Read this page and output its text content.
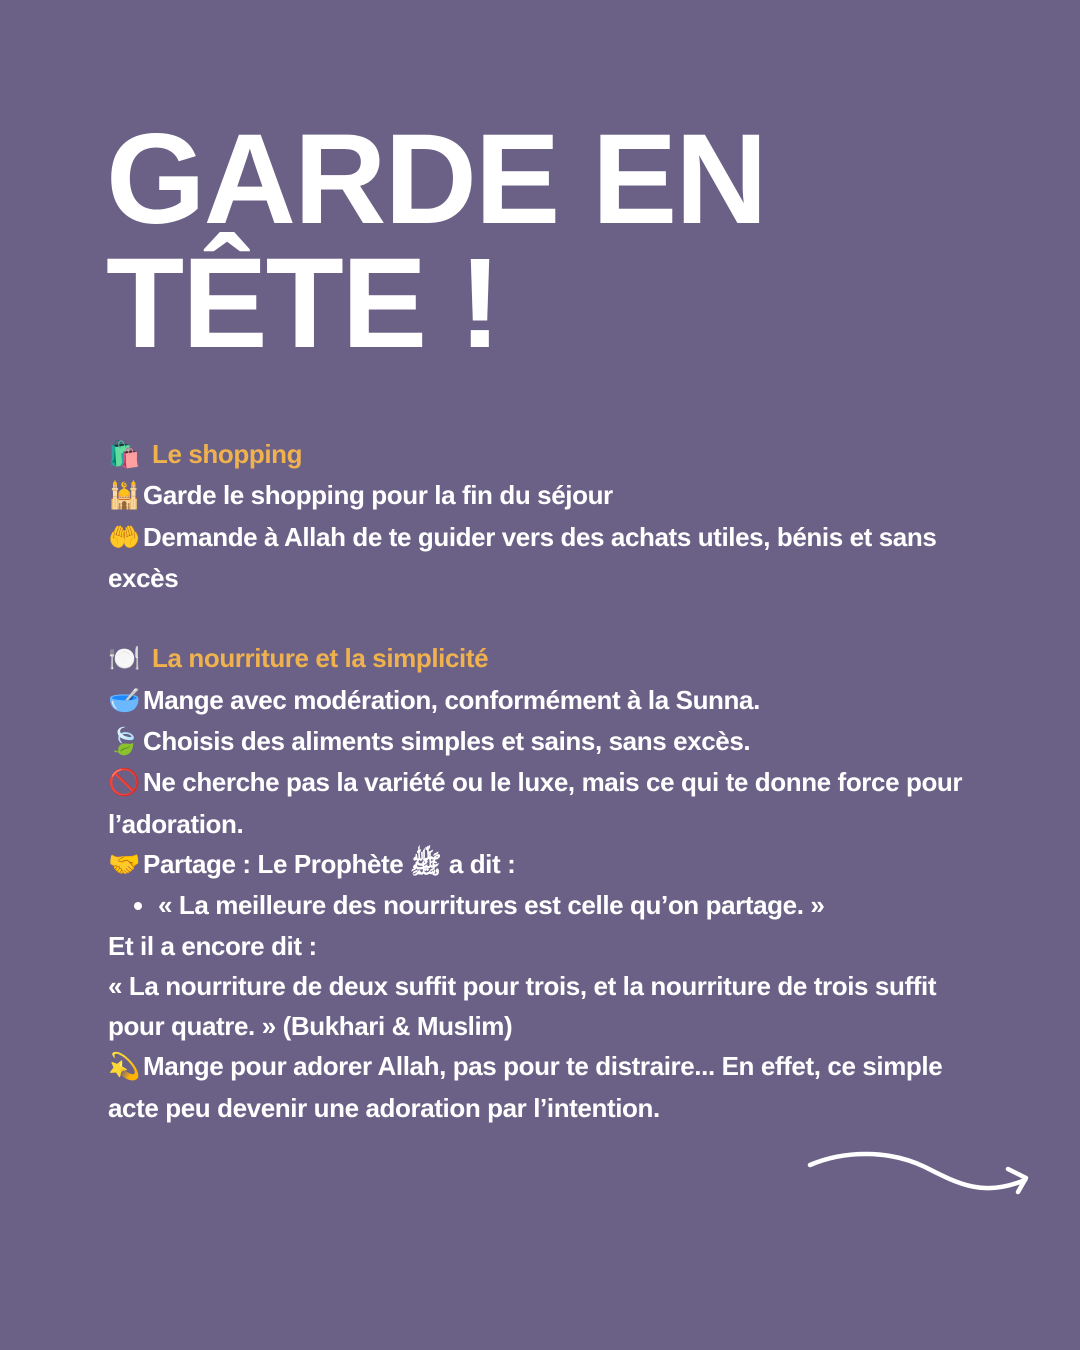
GARDE EN
TÊTE !

🛍️ Le shopping

🕌 Garde le shopping pour la fin du séjour

🤲 Demande à Allah de te guider vers des achats utiles, bénis et sans excès

🍽️ La nourriture et la simplicité

🥣 Mange avec modération, conformément à la Sunna.

🍃 Choisis des aliments simples et sains, sans excès.

🚫 Ne cherche pas la variété ou le luxe, mais ce qui te donne force pour l’adoration.

🤝 Partage : Le Prophète ﷺ a dit :

« La meilleure des nourritures est celle qu’on partage. »

Et il a encore dit :

« La nourriture de deux suffit pour trois, et la nourriture de trois suffit pour quatre. » (Bukhari & Muslim)

💫 Mange pour adorer Allah, pas pour te distraire... En effet, ce simple acte peu devenir une adoration par l’intention.
